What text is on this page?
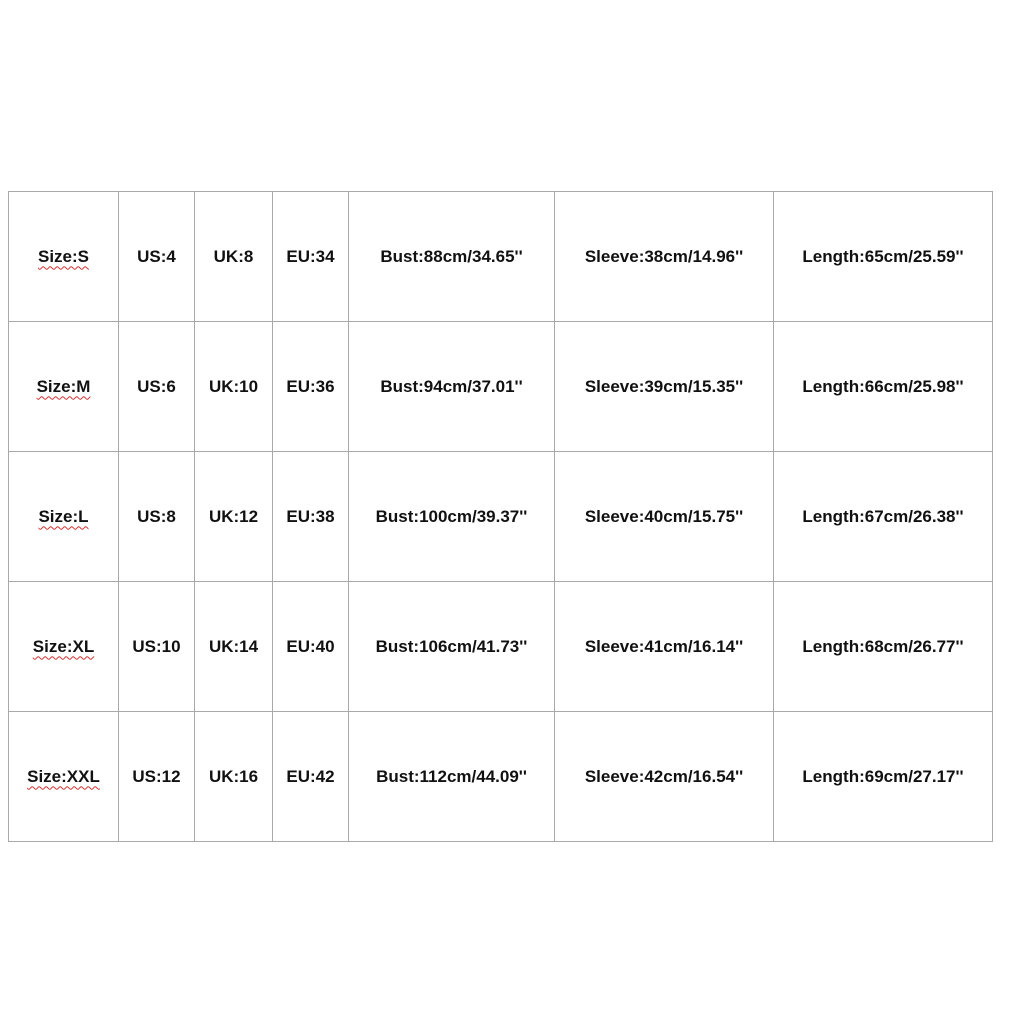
Size:S	US:4	UK:8	EU:34	Bust:88cm/34.65''	Sleeve:38cm/14.96''	Length:65cm/25.59''
Size:M	US:6	UK:10	EU:36	Bust:94cm/37.01''	Sleeve:39cm/15.35''	Length:66cm/25.98''
Size:L	US:8	UK:12	EU:38	Bust:100cm/39.37''	Sleeve:40cm/15.75''	Length:67cm/26.38''
Size:XL	US:10	UK:14	EU:40	Bust:106cm/41.73''	Sleeve:41cm/16.14''	Length:68cm/26.77''
Size:XXL	US:12	UK:16	EU:42	Bust:112cm/44.09''	Sleeve:42cm/16.54''	Length:69cm/27.17''
